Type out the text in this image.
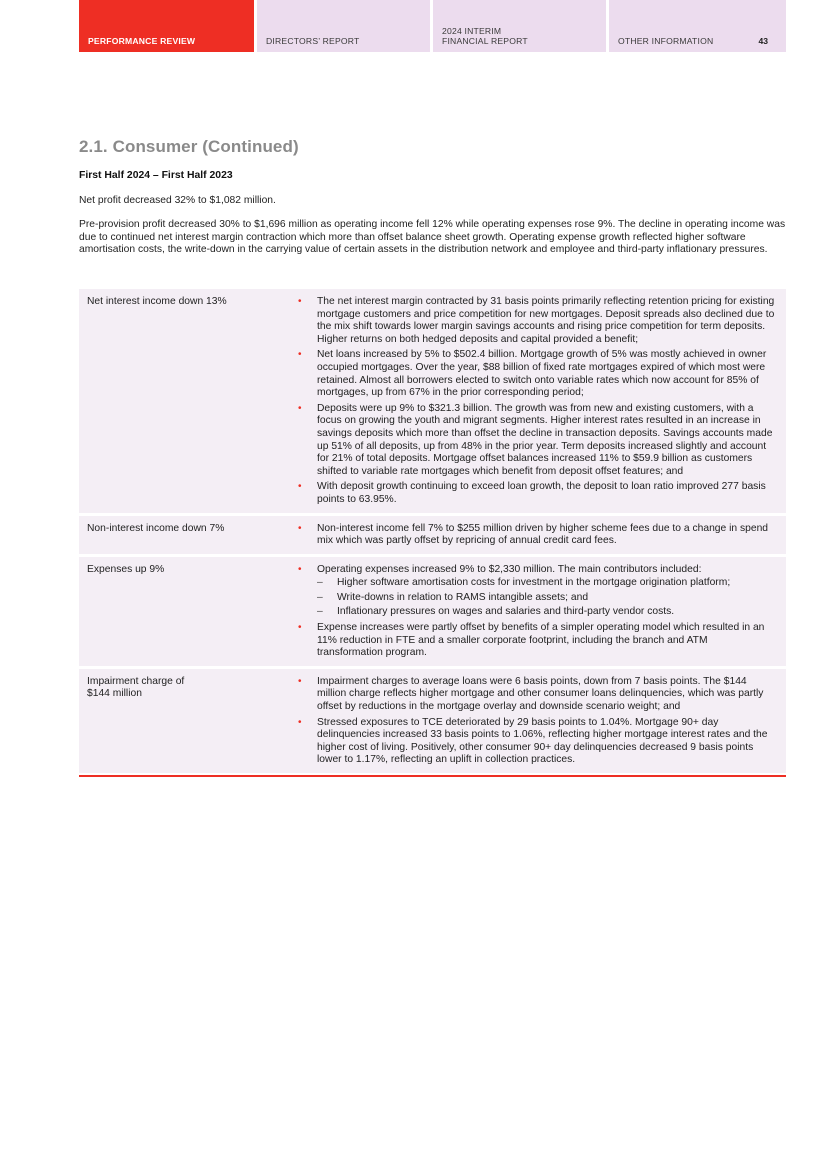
PERFORMANCE REVIEW	DIRECTORS’ REPORT
2024 INTERIM
FINANCIAL REPORT	OTHER INFORMATION	43
2.1. Consumer (Continued)
First Half 2024 – First Half 2023

Net profit decreased 32% to $1,082 million.

Pre-provision profit decreased 30% to $1,696 million as operating income fell 12% while operating expenses rose 9%. The decline in operating income was due to continued net interest margin contraction which more than offset balance sheet growth. Operating expense growth reflected higher software amortisation costs, the write-down in the carrying value of certain assets in the distribution network and employee and third-party inflationary pressures.

Net interest income down 13%	• The net interest margin contracted by 31 basis points primarily reflecting retention pricing for existing mortgage customers and price competition for new mortgages. Deposit spreads also declined due to the mix shift towards lower margin savings accounts and rising price competition for term deposits. Higher returns on both hedged deposits and capital provided a benefit;
• Net loans increased by 5% to $502.4 billion. Mortgage growth of 5% was mostly achieved in owner occupied mortgages. Over the year, $88 billion of fixed rate mortgages expired of which most were retained. Almost all borrowers elected to switch onto variable rates which now account for 85% of mortgages, up from 67% in the prior corresponding period;
• Deposits were up 9% to $321.3 billion. The growth was from new and existing customers, with a focus on growing the youth and migrant segments. Higher interest rates resulted in an increase in savings deposits which more than offset the decline in transaction deposits. Savings accounts made up 51% of all deposits, up from 48% in the prior year. Term deposits increased slightly and account for 21% of total deposits. Mortgage offset balances increased 11% to $59.9 billion as customers shifted to variable rate mortgages which benefit from deposit offset features; and
• With deposit growth continuing to exceed loan growth, the deposit to loan ratio improved 277 basis points to 63.95%.
Non-interest income down 7%	• Non-interest income fell 7% to $255 million driven by higher scheme fees due to a change in spend mix which was partly offset by repricing of annual credit card fees.
Expenses up 9%	• Operating expenses increased 9% to $2,330 million. The main contributors included:
– Higher software amortisation costs for investment in the mortgage origination platform;
– Write-downs in relation to RAMS intangible assets; and
– Inflationary pressures on wages and salaries and third-party vendor costs.
• Expense increases were partly offset by benefits of a simpler operating model which resulted in an 11% reduction in FTE and a smaller corporate footprint, including the branch and ATM transformation program.
Impairment charge of
$144 million
• Impairment charges to average loans were 6 basis points, down from 7 basis points. The $144 million charge reflects higher mortgage and other consumer loans delinquencies, which was partly offset by reductions in the mortgage overlay and downside scenario weight; and
• Stressed exposures to TCE deteriorated by 29 basis points to 1.04%. Mortgage 90+ day delinquencies increased 33 basis points to 1.06%, reflecting higher mortgage interest rates and the higher cost of living. Positively, other consumer 90+ day delinquencies decreased 9 basis points lower to 1.17%, reflecting an uplift in collection practices.
